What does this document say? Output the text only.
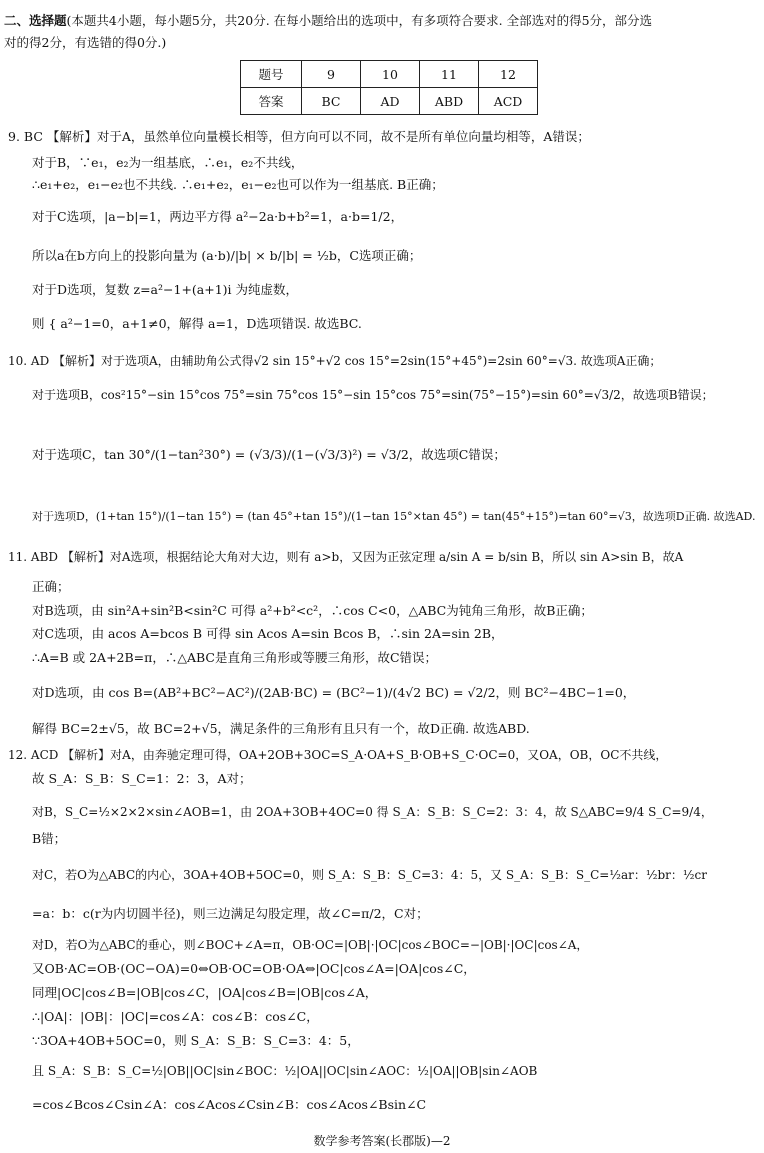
二、选择题(本题共4小题，每小题5分，共20分. 在每小题给出的选项中，有多项符合要求. 全部选对的得5分，部分选
对的得2分，有选错的得0分.)
题号	9	10	11	12
答案	BC	AD	ABD	ACD
9. BC 【解析】对于A，虽然单位向量模长相等，但方向可以不同，故不是所有单位向量均相等，A错误；
对于B，∵e₁，e₂为一组基底，∴e₁，e₂不共线，
∴e₁+e₂，e₁−e₂也不共线. ∴e₁+e₂，e₁−e₂也可以作为一组基底. B正确；
对于C选项，|a−b|=1，两边平方得 a²−2a·b+b²=1，a·b=1/2，
所以a在b方向上的投影向量为 (a·b)/|b| × b/|b| = ½b，C选项正确；
对于D选项，复数 z=a²−1+(a+1)i 为纯虚数，
则 { a²−1=0，a+1≠0，解得 a=1，D选项错误. 故选BC.
10. AD 【解析】对于选项A，由辅助角公式得√2 sin 15°+√2 cos 15°=2sin(15°+45°)=2sin 60°=√3. 故选项A正确；
对于选项B，cos²15°−sin 15°cos 75°=sin 75°cos 15°−sin 15°cos 75°=sin(75°−15°)=sin 60°=√3/2，故选项B错误；
对于选项C，tan 30°/(1−tan²30°) = (√3/3)/(1−(√3/3)²) = √3/2，故选项C错误；
对于选项D，(1+tan 15°)/(1−tan 15°) = (tan 45°+tan 15°)/(1−tan 15°×tan 45°) = tan(45°+15°)=tan 60°=√3，故选项D正确. 故选AD.
11. ABD 【解析】对A选项，根据结论大角对大边，则有 a>b，又因为正弦定理 a/sin A = b/sin B，所以 sin A>sin B，故A
正确；
对B选项，由 sin²A+sin²B<sin²C 可得 a²+b²<c²，∴cos C<0，△ABC为钝角三角形，故B正确；
对C选项，由 acos A=bcos B 可得 sin Acos A=sin Bcos B，∴sin 2A=sin 2B，
∴A=B 或 2A+2B=π，∴△ABC是直角三角形或等腰三角形，故C错误；
对D选项，由 cos B=(AB²+BC²−AC²)/(2AB·BC) = (BC²−1)/(4√2 BC) = √2/2，则 BC²−4BC−1=0，
解得 BC=2±√5，故 BC=2+√5，满足条件的三角形有且只有一个，故D正确. 故选ABD.
12. ACD 【解析】对A，由奔驰定理可得，OA+2OB+3OC=S_A·OA+S_B·OB+S_C·OC=0，又OA，OB，OC不共线，
故 S_A：S_B：S_C=1：2：3，A对；
对B，S_C=½×2×2×sin∠AOB=1，由 2OA+3OB+4OC=0 得 S_A：S_B：S_C=2：3：4，故 S△ABC=9/4 S_C=9/4，
B错；
对C，若O为△ABC的内心，3OA+4OB+5OC=0，则 S_A：S_B：S_C=3：4：5，又 S_A：S_B：S_C=½ar：½br：½cr
=a：b：c(r为内切圆半径)，则三边满足勾股定理，故∠C=π/2，C对；
对D，若O为△ABC的垂心，则∠BOC+∠A=π，OB·OC=|OB|·|OC|cos∠BOC=−|OB|·|OC|cos∠A，
又OB·AC=OB·(OC−OA)=0⇔OB·OC=OB·OA⇔|OC|cos∠A=|OA|cos∠C，
同理|OC|cos∠B=|OB|cos∠C，|OA|cos∠B=|OB|cos∠A，
∴|OA|：|OB|：|OC|=cos∠A：cos∠B：cos∠C，
∵3OA+4OB+5OC=0，则 S_A：S_B：S_C=3：4：5，
且 S_A：S_B：S_C=½|OB||OC|sin∠BOC：½|OA||OC|sin∠AOC：½|OA||OB|sin∠AOB
=cos∠Bcos∠Csin∠A：cos∠Acos∠Csin∠B：cos∠Acos∠Bsin∠C
数学参考答案(长郡版)—2
